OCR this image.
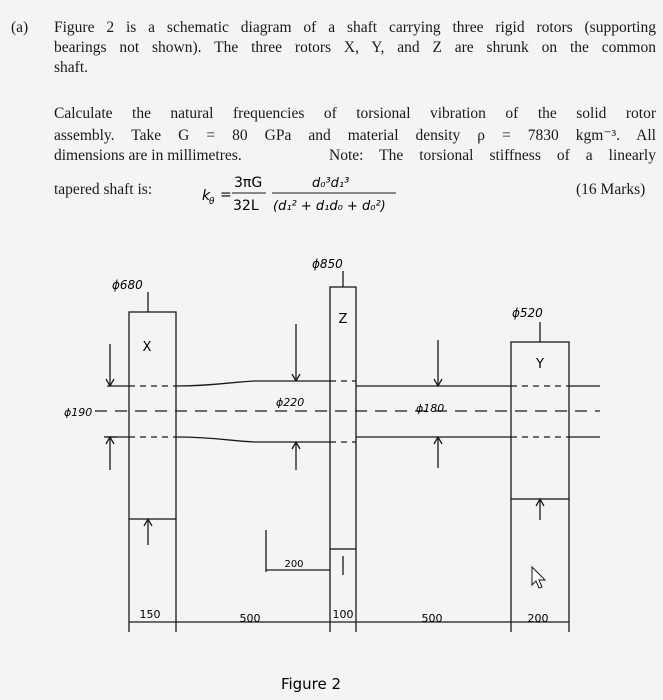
(a) Figure 2 is a schematic diagram of a shaft carrying three rigid rotors (supporting
bearings not shown). The three rotors X, Y, and Z are shrunk on the common
shaft.
Calculate the natural frequencies of torsional vibration of the solid rotor
assembly. Take G = 80 GPa and material density ρ = 7830 kgm⁻³. All
dimensions are in millimetres.	Note: The torsional stiffness of a linearly
tapered shaft is:	(16 Marks)
k
θ =
3πG
32L
d₀³d₁³
(d₁² + d₁d₀ + d₀²)
X
Z
Y
ϕ680
ϕ850
ϕ520
ϕ190
ϕ220	ϕ180
150	500
200
100	500	200
Figure 2
